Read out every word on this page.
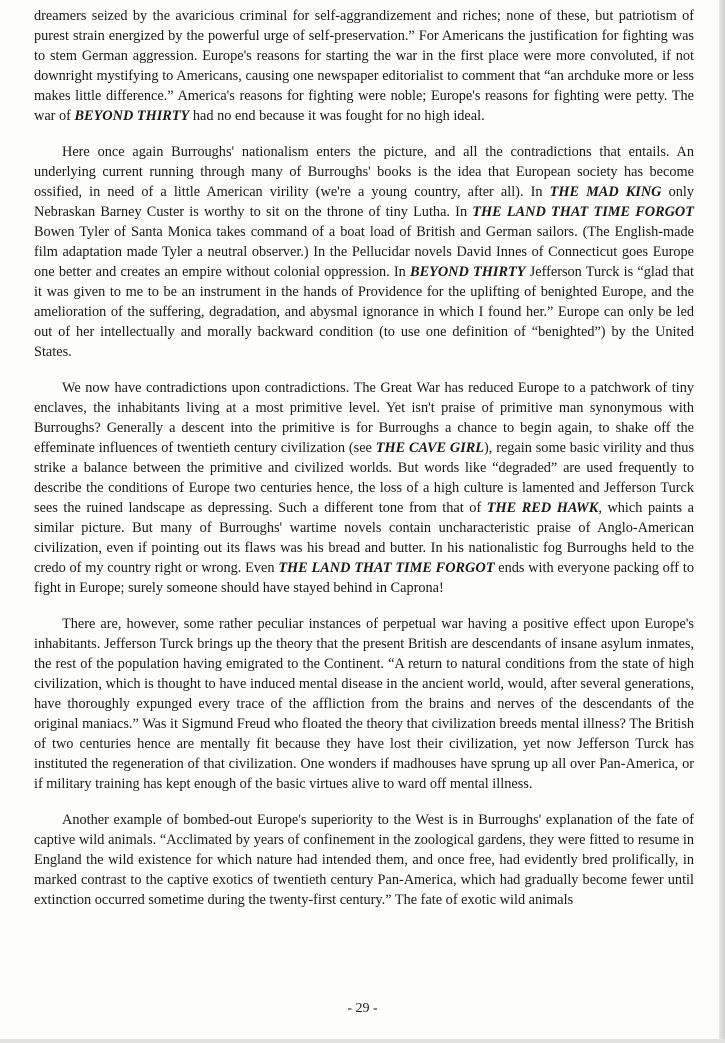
dreamers seized by the avaricious criminal for self-aggrandizement and riches; none of these, but patriotism of purest strain energized by the powerful urge of self-preservation.” For Americans the justification for fighting was to stem German aggression. Europe's reasons for starting the war in the first place were more convoluted, if not downright mystifying to Americans, causing one newspaper editorialist to comment that “an archduke more or less makes little difference.” America's reasons for fighting were noble; Europe's reasons for fighting were petty. The war of BEYOND THIRTY had no end because it was fought for no high ideal.

Here once again Burroughs' nationalism enters the picture, and all the contradictions that entails. An underlying current running through many of Burroughs' books is the idea that European society has become ossified, in need of a little American virility (we're a young country, after all). In THE MAD KING only Nebraskan Barney Custer is worthy to sit on the throne of tiny Lutha. In THE LAND THAT TIME FORGOT Bowen Tyler of Santa Monica takes command of a boat load of British and German sailors. (The English-made film adaptation made Tyler a neutral observer.) In the Pellucidar novels David Innes of Connecticut goes Europe one better and creates an empire without colonial oppression. In BEYOND THIRTY Jefferson Turck is “glad that it was given to me to be an instrument in the hands of Providence for the uplifting of benighted Europe, and the amelioration of the suffering, degradation, and abysmal ignorance in which I found her.” Europe can only be led out of her intellectually and morally backward condition (to use one definition of “benighted”) by the United States.

We now have contradictions upon contradictions. The Great War has reduced Europe to a patchwork of tiny enclaves, the inhabitants living at a most primitive level. Yet isn't praise of primitive man synonymous with Burroughs? Generally a descent into the primitive is for Burroughs a chance to begin again, to shake off the effeminate influences of twentieth century civilization (see THE CAVE GIRL), regain some basic virility and thus strike a balance between the primitive and civilized worlds. But words like “degraded” are used frequently to describe the conditions of Europe two centuries hence, the loss of a high culture is lamented and Jefferson Turck sees the ruined landscape as depressing. Such a different tone from that of THE RED HAWK, which paints a similar picture. But many of Burroughs' wartime novels contain uncharacteristic praise of Anglo-American civilization, even if pointing out its flaws was his bread and butter. In his nationalistic fog Burroughs held to the credo of my country right or wrong. Even THE LAND THAT TIME FORGOT ends with everyone packing off to fight in Europe; surely someone should have stayed behind in Caprona!

There are, however, some rather peculiar instances of perpetual war having a positive effect upon Europe's inhabitants. Jefferson Turck brings up the theory that the present British are descendants of insane asylum inmates, the rest of the population having emigrated to the Continent. “A return to natural conditions from the state of high civilization, which is thought to have induced mental disease in the ancient world, would, after several generations, have thoroughly expunged every trace of the affliction from the brains and nerves of the descendants of the original maniacs.” Was it Sigmund Freud who floated the theory that civilization breeds mental illness? The British of two centuries hence are mentally fit because they have lost their civilization, yet now Jefferson Turck has instituted the regeneration of that civilization. One wonders if madhouses have sprung up all over Pan-America, or if military training has kept enough of the basic virtues alive to ward off mental illness.

Another example of bombed-out Europe's superiority to the West is in Burroughs' explanation of the fate of captive wild animals. “Acclimated by years of confinement in the zoological gardens, they were fitted to resume in England the wild existence for which nature had intended them, and once free, had evidently bred prolifically, in marked contrast to the captive exotics of twentieth century Pan-America, which had gradually become fewer until extinction occurred sometime during the twenty-first century.” The fate of exotic wild animals

- 29 -
